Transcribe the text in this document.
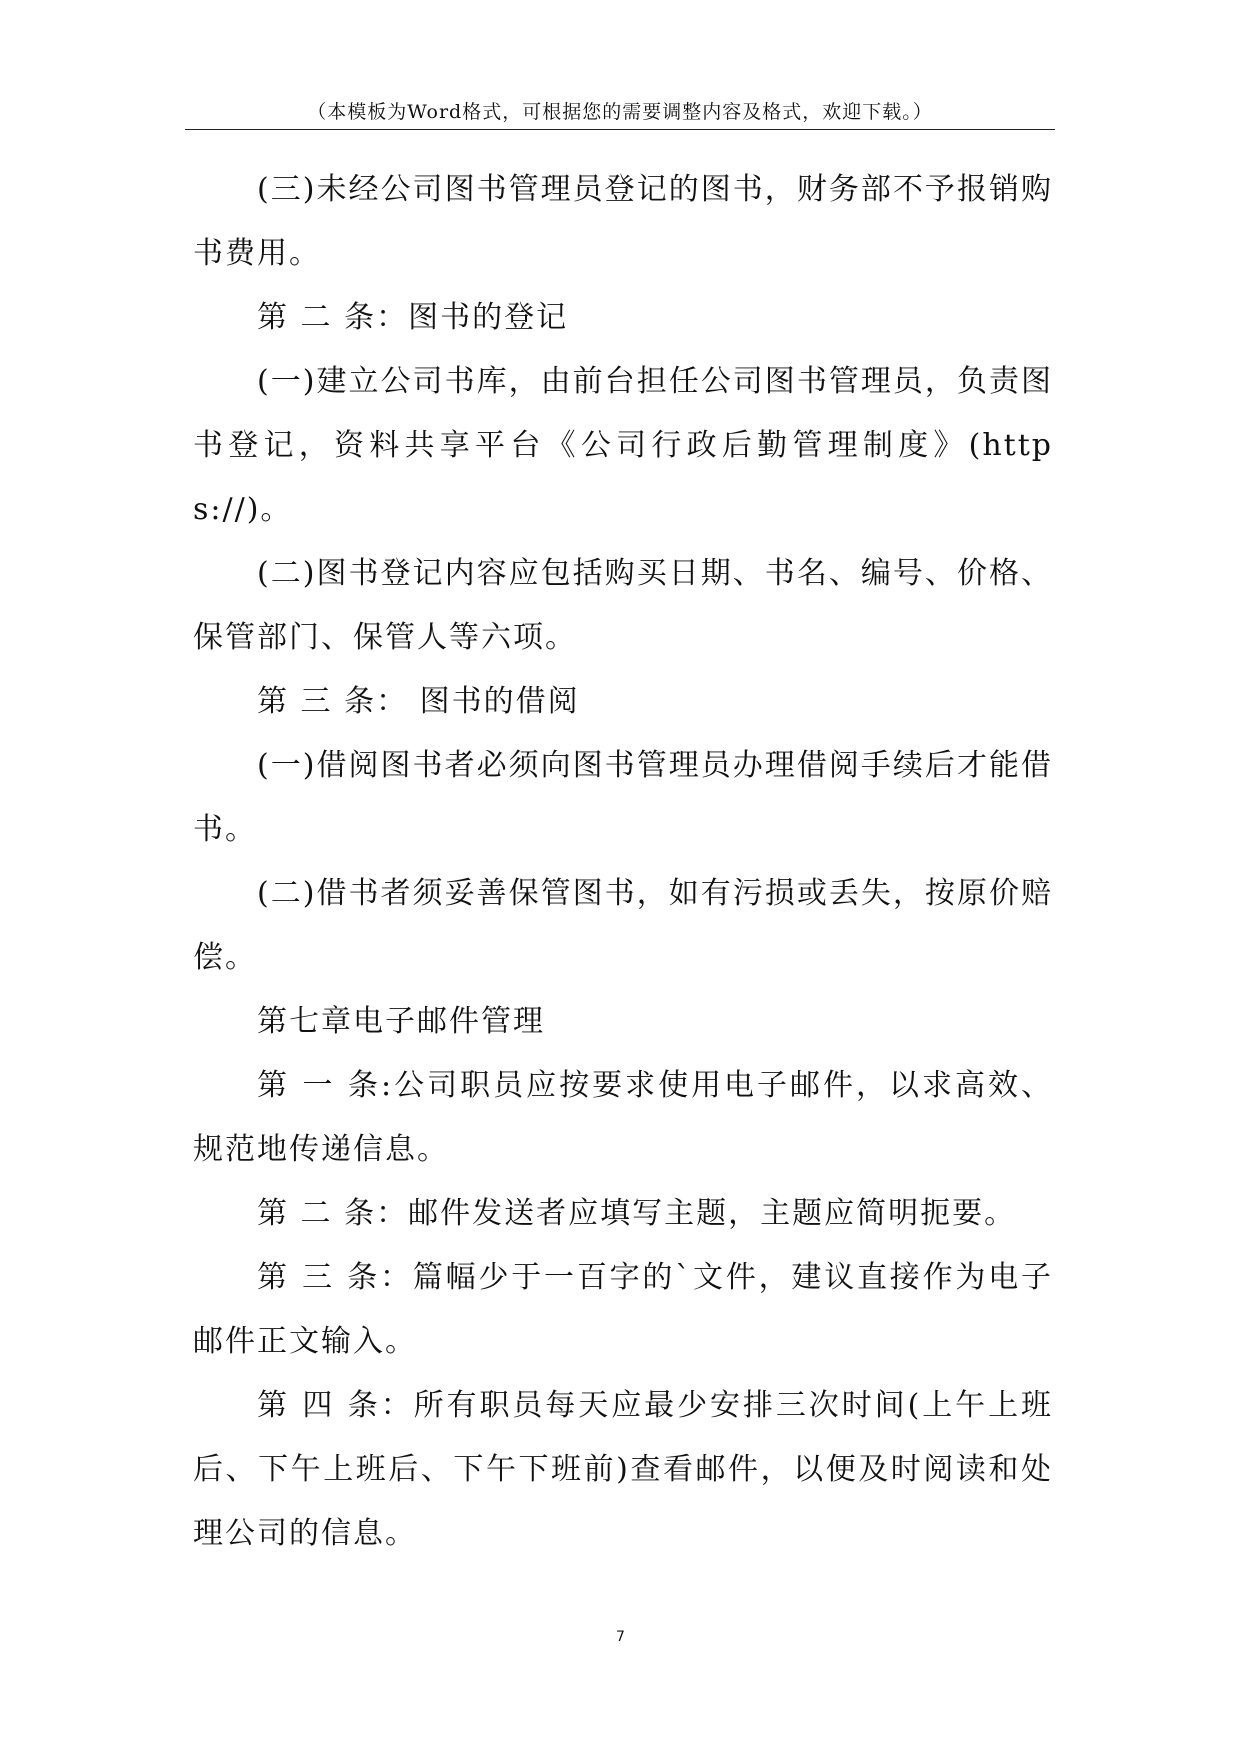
（本模板为Word格式，可根据您的需要调整内容及格式，欢迎下载。）

(三)未经公司图书管理员登记的图书，财务部不予报销购书费用。

第 二 条：图书的登记

(一)建立公司书库，由前台担任公司图书管理员，负责图书登记，资料共享平台《公司行政后勤管理制度》(https://)。

(二)图书登记内容应包括购买日期、书名、编号、价格、保管部门、保管人等六项。

第 三 条： 图书的借阅

(一)借阅图书者必须向图书管理员办理借阅手续后才能借书。

(二)借书者须妥善保管图书，如有污损或丢失，按原价赔偿。

第七章电子邮件管理

第 一 条:公司职员应按要求使用电子邮件，以求高效、规范地传递信息。

第 二 条：邮件发送者应填写主题，主题应简明扼要。

第 三 条：篇幅少于一百字的`文件，建议直接作为电子邮件正文输入。

第 四 条：所有职员每天应最少安排三次时间(上午上班后、下午上班后、下午下班前)查看邮件，以便及时阅读和处理公司的信息。

7
